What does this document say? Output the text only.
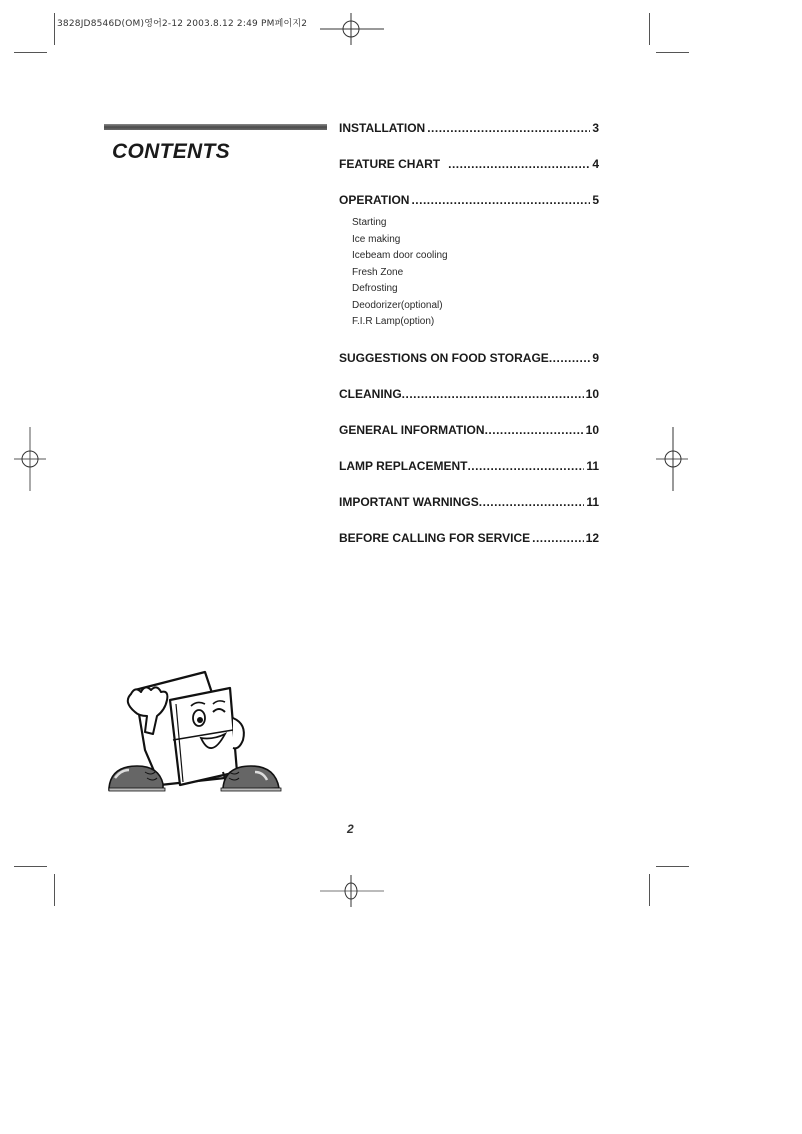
3828JD8546D(OM)영어2-12 2003.8.12 2:49 PM페이지2
CONTENTS
INSTALLATION .....	3
FEATURE CHART .....	4
OPERATION .....	5
Starting
Ice making
Icebeam door cooling
Fresh Zone
Defrosting
Deodorizer(optional)
F.I.R Lamp(option)
SUGGESTIONS ON FOOD STORAGE .....	9
CLEANING .....	10
GENERAL INFORMATION .....	10
LAMP REPLACEMENT .....	11
IMPORTANT WARNINGS .....	11
BEFORE CALLING FOR SERVICE .....	12
2
